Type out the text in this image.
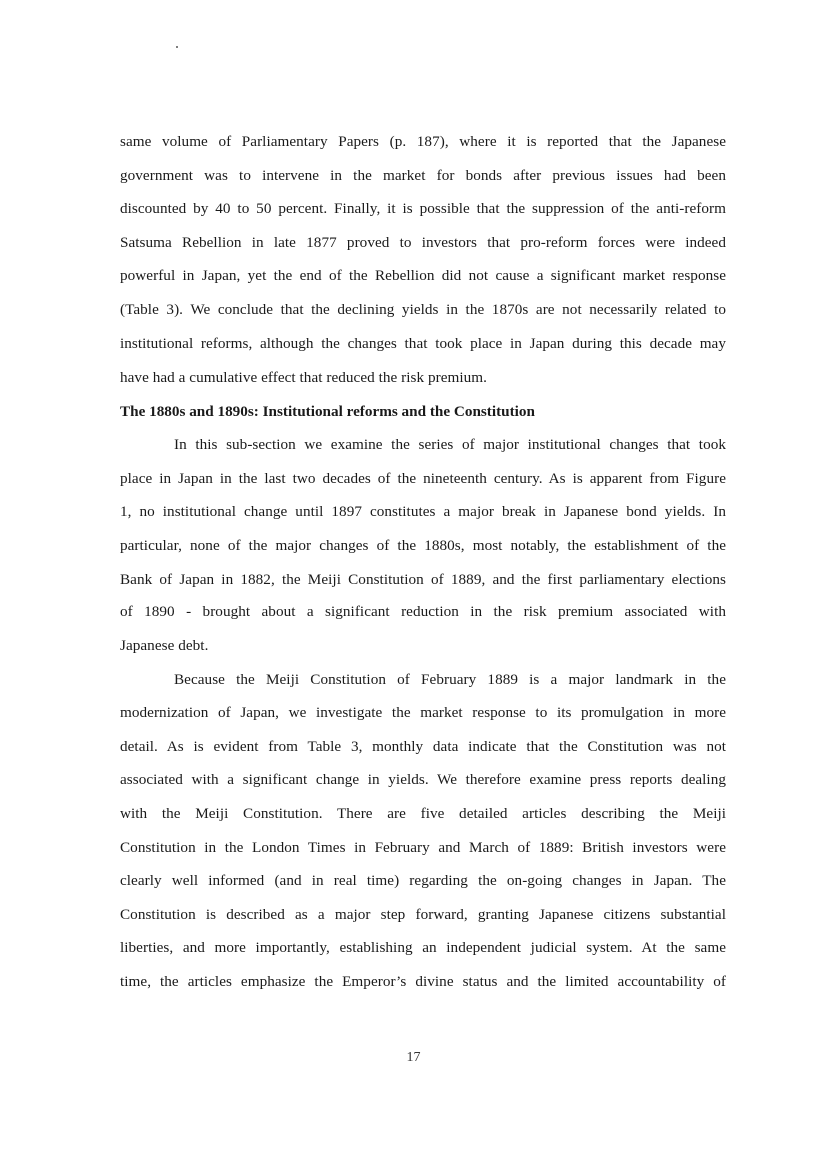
same volume of Parliamentary Papers (p. 187), where it is reported that the Japanese
government was to intervene in the market for bonds after previous issues had been
discounted by 40 to 50 percent. Finally, it is possible that the suppression of the anti-reform
Satsuma Rebellion in late 1877 proved to investors that pro-reform forces were indeed
powerful in Japan, yet the end of the Rebellion did not cause a significant market response
(Table 3). We conclude that the declining yields in the 1870s are not necessarily related to
institutional reforms, although the changes that took place in Japan during this decade may
have had a cumulative effect that reduced the risk premium.
The 1880s and 1890s: Institutional reforms and the Constitution
In this sub-section we examine the series of major institutional changes that took
place in Japan in the last two decades of the nineteenth century. As is apparent from Figure
1, no institutional change until 1897 constitutes a major break in Japanese bond yields. In
particular, none of the major changes of the 1880s, most notably, the establishment of the
Bank of Japan in 1882, the Meiji Constitution of 1889, and the first parliamentary elections
of 1890 - brought about a significant reduction in the risk premium associated with
Japanese debt.
Because the Meiji Constitution of February 1889 is a major landmark in the
modernization of Japan, we investigate the market response to its promulgation in more
detail. As is evident from Table 3, monthly data indicate that the Constitution was not
associated with a significant change in yields. We therefore examine press reports dealing
with the Meiji Constitution. There are five detailed articles describing the Meiji
Constitution in the London Times in February and March of 1889: British investors were
clearly well informed (and in real time) regarding the on-going changes in Japan. The
Constitution is described as a major step forward, granting Japanese citizens substantial
liberties, and more importantly, establishing an independent judicial system. At the same
time, the articles emphasize the Emperor’s divine status and the limited accountability of
17
